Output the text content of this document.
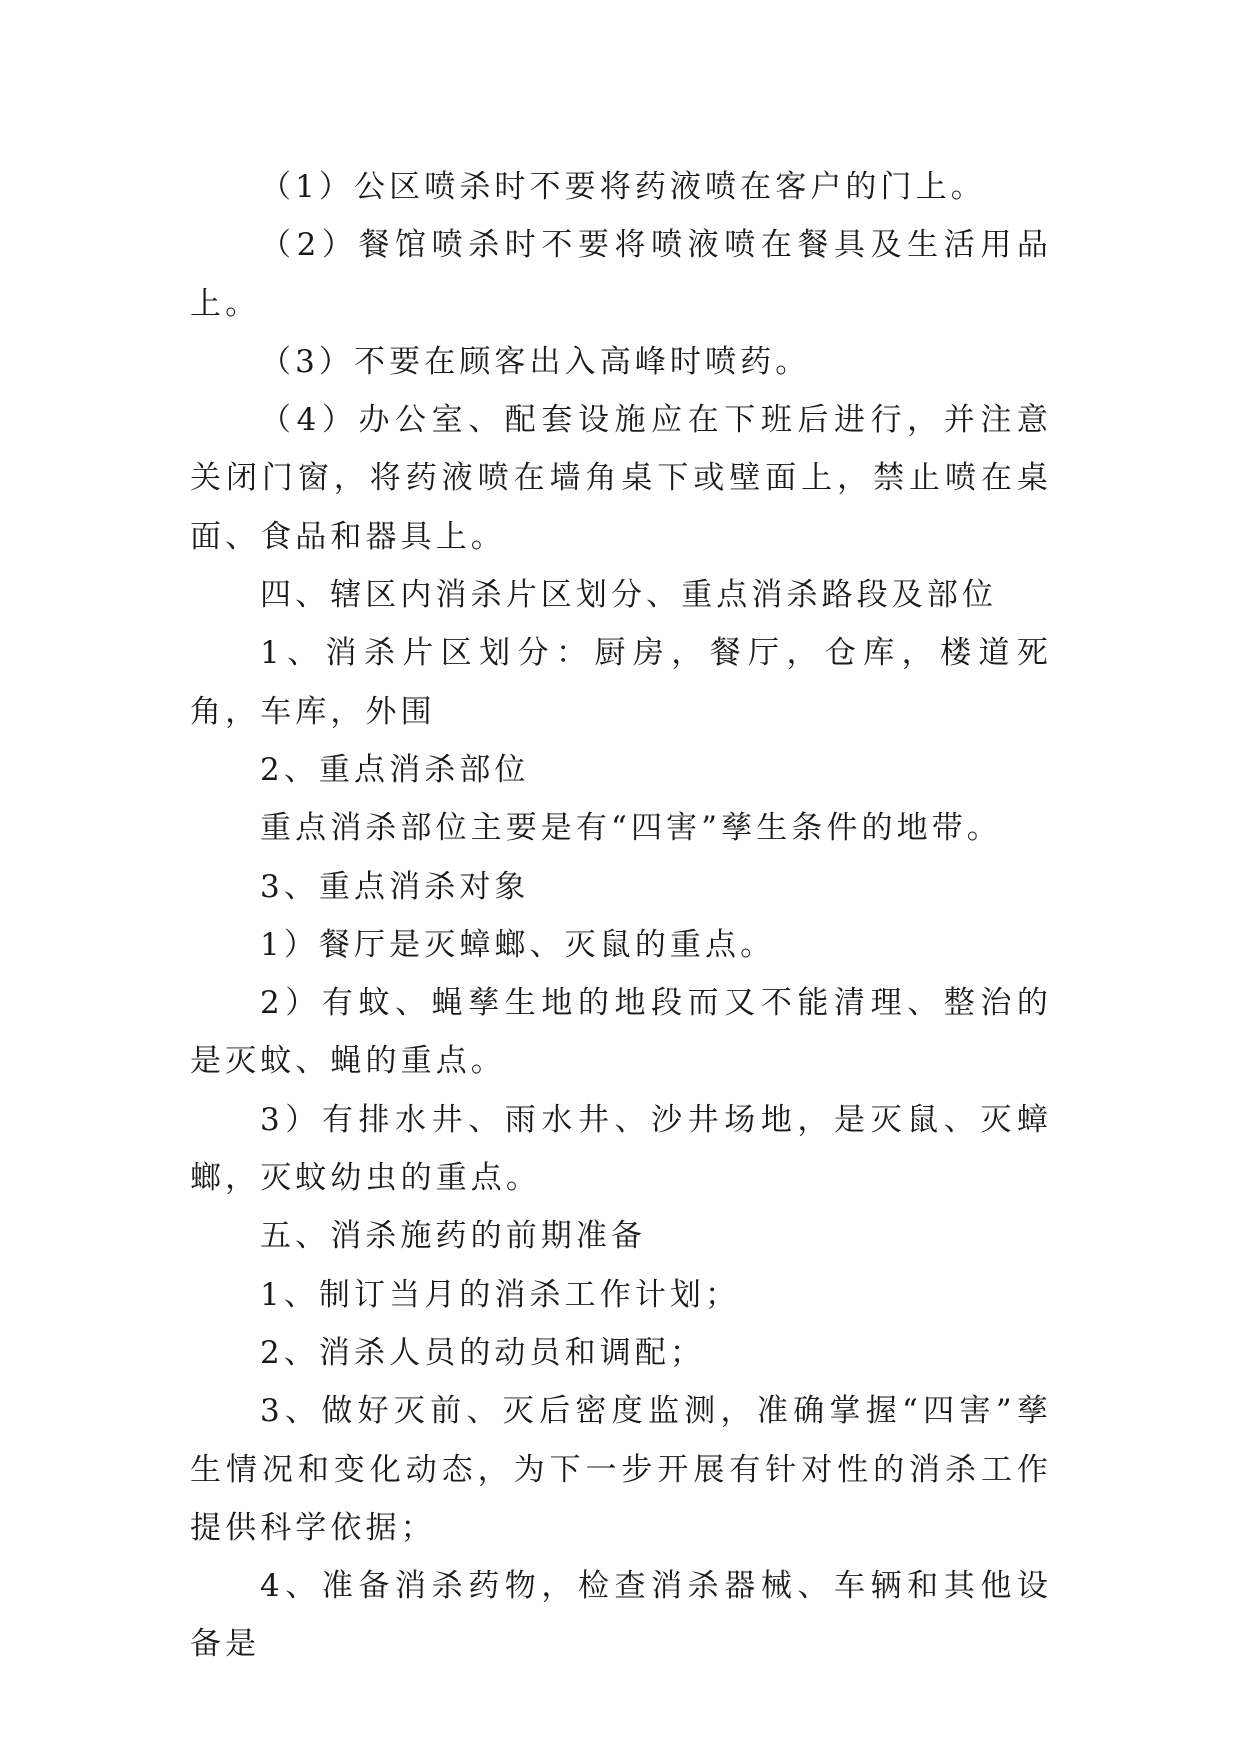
（1）公区喷杀时不要将药液喷在客户的门上。

（2）餐馆喷杀时不要将喷液喷在餐具及生活用品上。

（3）不要在顾客出入高峰时喷药。

（4）办公室、配套设施应在下班后进行，并注意关闭门窗，将药液喷在墙角桌下或壁面上，禁止喷在桌面、食品和器具上。

四、辖区内消杀片区划分、重点消杀路段及部位

1、消杀片区划分：厨房，餐厅，仓库，楼道死角，车库，外围

2、重点消杀部位

重点消杀部位主要是有“四害”孳生条件的地带。

3、重点消杀对象

1）餐厅是灭蟑螂、灭鼠的重点。

2）有蚊、蝇孳生地的地段而又不能清理、整治的是灭蚊、蝇的重点。

3）有排水井、雨水井、沙井场地，是灭鼠、灭蟑螂，灭蚊幼虫的重点。

五、消杀施药的前期准备

1、制订当月的消杀工作计划；

2、消杀人员的动员和调配；

3、做好灭前、灭后密度监测，准确掌握“四害”孳生情况和变化动态，为下一步开展有针对性的消杀工作提供科学依据；

4、准备消杀药物，检查消杀器械、车辆和其他设备是
